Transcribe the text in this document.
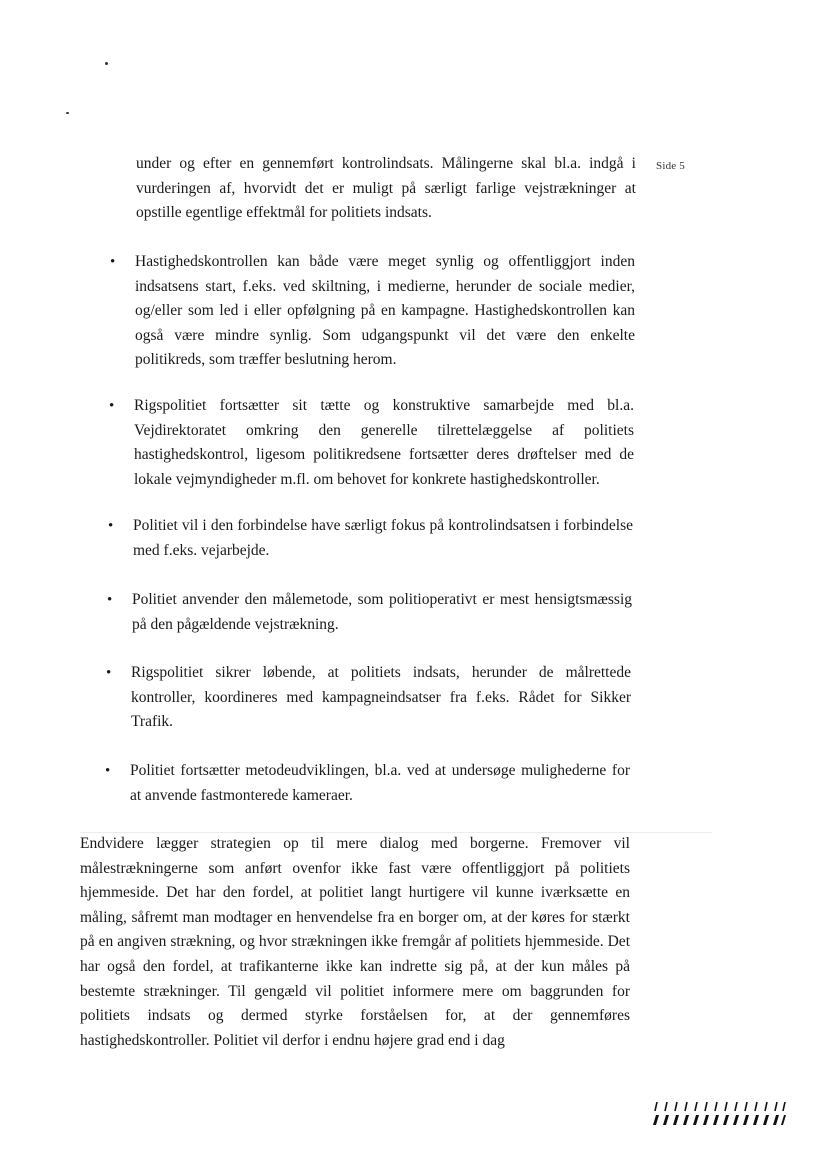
Side 5
under og efter en gennemført kontrolindsats. Målingerne skal bl.a. indgå i vurderingen af, hvorvidt det er muligt på særligt farlige vejstrækninger at opstille egentlige effektmål for politiets indsats.
• Hastighedskontrollen kan både være meget synlig og offentliggjort inden indsatsens start, f.eks. ved skiltning, i medierne, herunder de sociale medier, og/eller som led i eller opfølgning på en kampagne. Hastighedskontrollen kan også være mindre synlig. Som udgangspunkt vil det være den enkelte politikreds, som træffer beslutning herom.
• Rigspolitiet fortsætter sit tætte og konstruktive samarbejde med bl.a. Vejdirektoratet omkring den generelle tilrettelæggelse af politiets hastighedskontrol, ligesom politikredsene fortsætter deres drøftelser med de lokale vejmyndigheder m.fl. om behovet for konkrete hastighedskontroller.
• Politiet vil i den forbindelse have særligt fokus på kontrolindsatsen i forbindelse med f.eks. vejarbejde.
• Politiet anvender den målemetode, som politioperativt er mest hensigtsmæssig på den pågældende vejstrækning.
• Rigspolitiet sikrer løbende, at politiets indsats, herunder de målrettede kontroller, koordineres med kampagneindsatser fra f.eks. Rådet for Sikker Trafik.
• Politiet fortsætter metodeudviklingen, bl.a. ved at undersøge mulighederne for at anvende fastmonterede kameraer.
Endvidere lægger strategien op til mere dialog med borgerne. Fremover vil målestrækningerne som anført ovenfor ikke fast være offentliggjort på politiets hjemmeside. Det har den fordel, at politiet langt hurtigere vil kunne iværksætte en måling, såfremt man modtager en henvendelse fra en borger om, at der køres for stærkt på en angiven strækning, og hvor strækningen ikke fremgår af politiets hjemmeside. Det har også den fordel, at trafikanterne ikke kan indrette sig på, at der kun måles på bestemte strækninger. Til gengæld vil politiet informere mere om baggrunden for politiets indsats og dermed styrke forståelsen for, at der gennemføres hastighedskontroller. Politiet vil derfor i endnu højere grad end i dag
